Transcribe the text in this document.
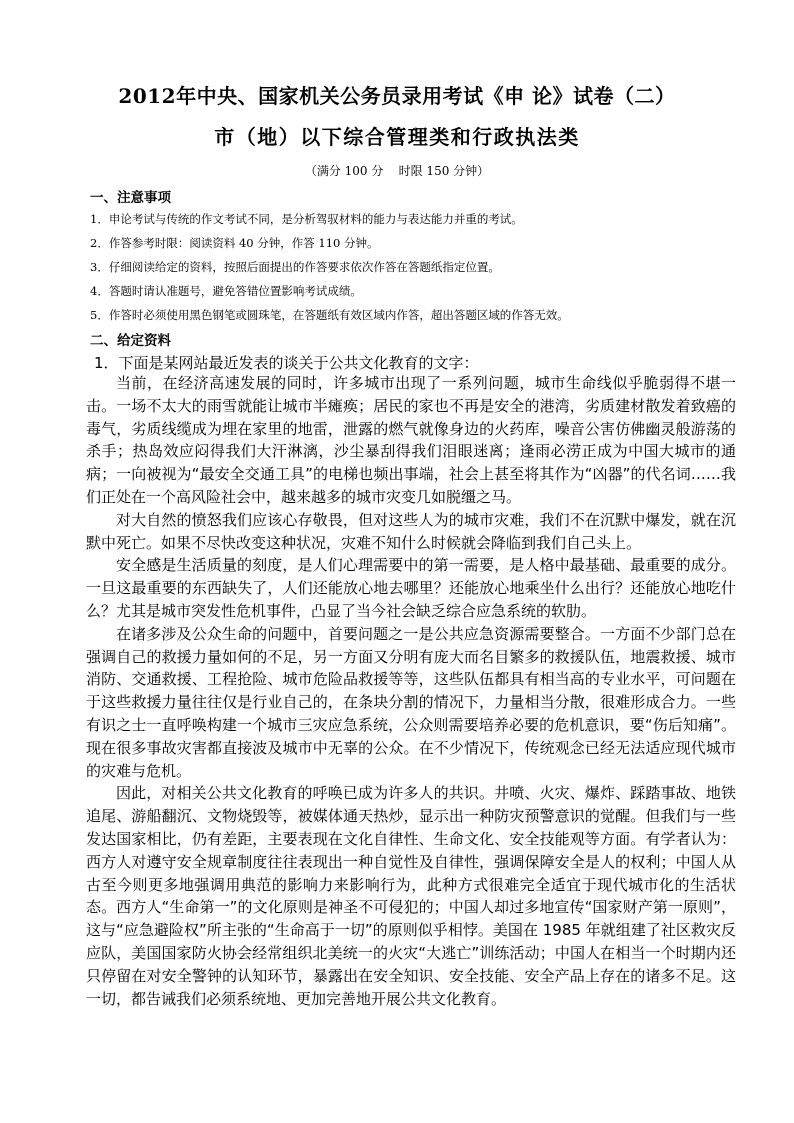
2012年中央、国家机关公务员录用考试《申 论》试卷（二）
市（地）以下综合管理类和行政执法类
（满分 100 分    时限 150 分钟）
一、注意事项
1．申论考试与传统的作文考试不同，是分析驾驭材料的能力与表达能力并重的考试。
2．作答参考时限：阅读资料 40 分钟，作答 110 分钟。
3．仔细阅读给定的资料，按照后面提出的作答要求依次作答在答题纸指定位置。
4．答题时请认准题号，避免答错位置影响考试成绩。
5．作答时必须使用黑色钢笔或圆珠笔，在答题纸有效区域内作答，超出答题区域的作答无效。
二、给定资料
1．下面是某网站最近发表的谈关于公共文化教育的文字：

当前，在经济高速发展的同时，许多城市出现了一系列问题，城市生命线似乎脆弱得不堪一击。一场不太大的雨雪就能让城市半瘫痪；居民的家也不再是安全的港湾，劣质建材散发着致癌的毒气，劣质线缆成为埋在家里的地雷，泄露的燃气就像身边的火药库，噪音公害仿佛幽灵般游荡的杀手；热岛效应闷得我们大汗淋漓，沙尘暴刮得我们泪眼迷离；逢雨必涝正成为中国大城市的通病；一向被视为“最安全交通工具”的电梯也频出事端，社会上甚至将其作为“凶器”的代名词……我们正处在一个高风险社会中，越来越多的城市灾变几如脱缰之马。

对大自然的愤怒我们应该心存敬畏，但对这些人为的城市灾难，我们不在沉默中爆发，就在沉默中死亡。如果不尽快改变这种状况，灾难不知什么时候就会降临到我们自己头上。

安全感是生活质量的刻度，是人们心理需要中的第一需要，是人格中最基础、最重要的成分。一旦这最重要的东西缺失了，人们还能放心地去哪里？还能放心地乘坐什么出行？还能放心地吃什么？尤其是城市突发性危机事件，凸显了当今社会缺乏综合应急系统的软肋。

在诸多涉及公众生命的问题中，首要问题之一是公共应急资源需要整合。一方面不少部门总在强调自己的救援力量如何的不足，另一方面又分明有庞大而名目繁多的救援队伍，地震救援、城市消防、交通救援、工程抢险、城市危险品救援等等，这些队伍都具有相当高的专业水平，可问题在于这些救援力量往往仅是行业自己的，在条块分割的情况下，力量相当分散，很难形成合力。一些有识之士一直呼唤构建一个城市三灾应急系统，公众则需要培养必要的危机意识，要“伤后知痛”。现在很多事故灾害都直接波及城市中无辜的公众。在不少情况下，传统观念已经无法适应现代城市的灾难与危机。

因此，对相关公共文化教育的呼唤已成为许多人的共识。井喷、火灾、爆炸、踩踏事故、地铁追尾、游船翻沉、文物烧毁等，被媒体通天热炒，显示出一种防灾预警意识的觉醒。但我们与一些发达国家相比，仍有差距，主要表现在文化自律性、生命文化、安全技能观等方面。有学者认为：西方人对遵守安全规章制度往往表现出一种自觉性及自律性，强调保障安全是人的权利；中国人从古至今则更多地强调用典范的影响力来影响行为，此种方式很难完全适宜于现代城市化的生活状态。西方人“生命第一”的文化原则是神圣不可侵犯的；中国人却过多地宣传“国家财产第一原则”，这与“应急避险权”所主张的“生命高于一切”的原则似乎相悖。美国在 1985 年就组建了社区救灾反应队，美国国家防火协会经常组织北美统一的火灾“大逃亡”训练活动；中国人在相当一个时期内还只停留在对安全警钟的认知环节，暴露出在安全知识、安全技能、安全产品上存在的诸多不足。这一切，都告诫我们必须系统地、更加完善地开展公共文化教育。
